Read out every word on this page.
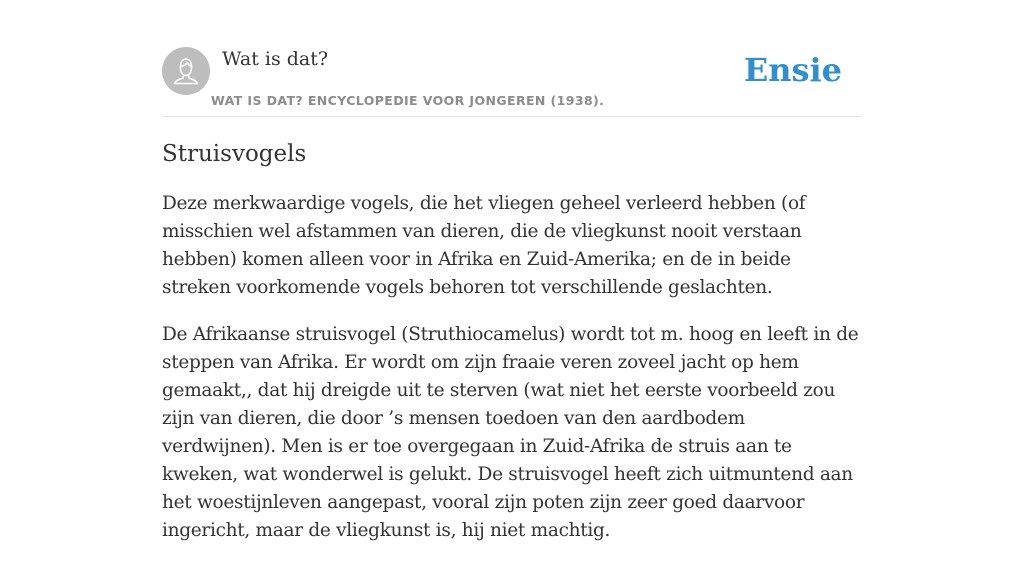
Wat is dat?
WAT IS DAT? ENCYCLOPEDIE VOOR JONGEREN (1938).
Ensie
Struisvogels

Deze merkwaardige vogels, die het vliegen geheel verleerd hebben (of misschien wel afstammen van dieren, die de vliegkunst nooit verstaan hebben) komen alleen voor in Afrika en Zuid-Amerika; en de in beide streken voorkomende vogels behoren tot verschillende geslachten.

De Afrikaanse struisvogel (Struthiocamelus) wordt tot m. hoog en leeft in de steppen van Afrika. Er wordt om zijn fraaie veren zoveel jacht op hem gemaakt,, dat hij dreigde uit te sterven (wat niet het eerste voorbeeld zou zijn van dieren, die door ’s mensen toedoen van den aardbodem verdwijnen). Men is er toe overgegaan in Zuid-Afrika de struis aan te kweken, wat wonderwel is gelukt. De struisvogel heeft zich uitmuntend aan het woestijnleven aangepast, vooral zijn poten zijn zeer goed daarvoor ingericht, maar de vliegkunst is, hij niet machtig.
